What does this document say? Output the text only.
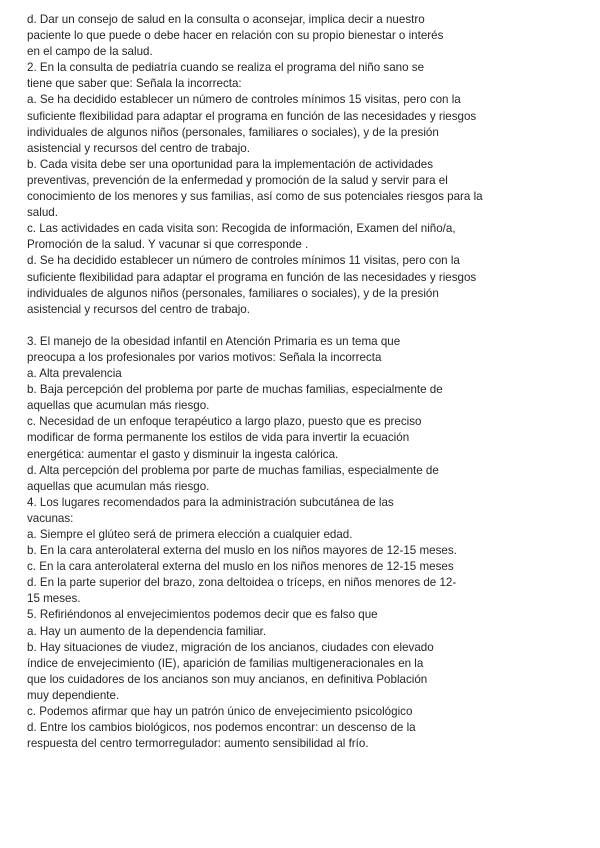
d. Dar un consejo de salud en la consulta o aconsejar, implica decir a nuestro
paciente lo que puede o debe hacer en relación con su propio bienestar o interés
en el campo de la salud.
2. En la consulta de pediatría cuando se realiza el programa del niño sano se
tiene que saber que: Señala la incorrecta:
a. Se ha decidido establecer un número de controles mínimos 15 visitas, pero con la
suficiente flexibilidad para adaptar el programa en función de las necesidades y riesgos
individuales de algunos niños (personales, familiares o sociales), y de la presión
asistencial y recursos del centro de trabajo.
b. Cada visita debe ser una oportunidad para la implementación de actividades
preventivas, prevención de la enfermedad y promoción de la salud y servir para el
conocimiento de los menores y sus familias, así como de sus potenciales riesgos para la
salud.
c. Las actividades en cada visita son: Recogida de información, Examen del niño/a,
Promoción de la salud. Y vacunar si que corresponde .
d. Se ha decidido establecer un número de controles mínimos 11 visitas, pero con la
suficiente flexibilidad para adaptar el programa en función de las necesidades y riesgos
individuales de algunos niños (personales, familiares o sociales), y de la presión
asistencial y recursos del centro de trabajo.
3. El manejo de la obesidad infantil en Atención Primaria es un tema que
preocupa a los profesionales por varios motivos: Señala la incorrecta
a. Alta prevalencia
b. Baja percepción del problema por parte de muchas familias, especialmente de
aquellas que acumulan más riesgo.
c. Necesidad de un enfoque terapéutico a largo plazo, puesto que es preciso
modificar de forma permanente los estilos de vida para invertir la ecuación
energética: aumentar el gasto y disminuir la ingesta calórica.
d. Alta percepción del problema por parte de muchas familias, especialmente de
aquellas que acumulan más riesgo.
4. Los lugares recomendados para la administración subcutánea de las
vacunas:
a. Siempre el glúteo será de primera elección a cualquier edad.
b. En la cara anterolateral externa del muslo en los niños mayores de 12-15 meses.
c. En la cara anterolateral externa del muslo en los niños menores de 12-15 meses
d. En la parte superior del brazo, zona deltoidea o tríceps, en niños menores de 12-
15 meses.
5. Refiriéndonos al envejecimientos podemos decir que es falso que
a. Hay un aumento de la dependencia familiar.
b. Hay situaciones de viudez, migración de los ancianos, ciudades con elevado
índice de envejecimiento (IE), aparición de familias multigeneracionales en la
que los cuidadores de los ancianos son muy ancianos, en definitiva Población
muy dependiente.
c. Podemos afirmar que hay un patrón único de envejecimiento psicológico
d. Entre los cambios biológicos, nos podemos encontrar: un descenso de la
respuesta del centro termorregulador: aumento sensibilidad al frío.
